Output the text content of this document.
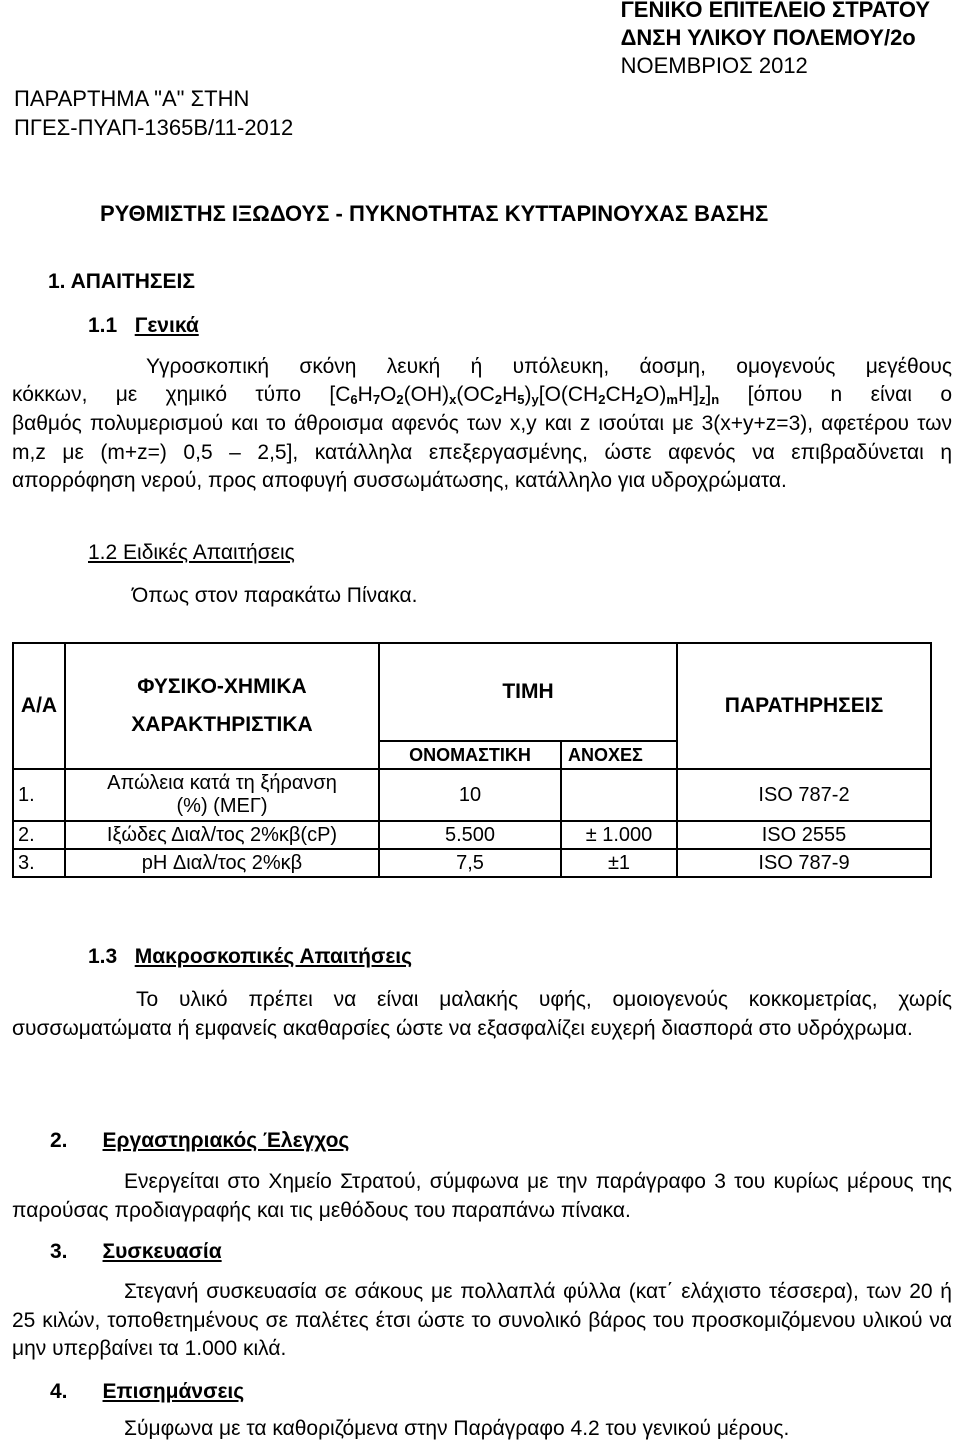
ΓΕΝΙΚΟ ΕΠΙΤΕΛΕΙΟ ΣΤΡΑΤΟΥ
ΔΝΣΗ ΥΛΙΚΟΥ ΠΟΛΕΜΟΥ/2ο
ΝΟΕΜΒΡΙΟΣ 2012
ΠΑΡΑΡΤΗΜΑ "Α" ΣΤΗΝ
ΠΓΕΣ-ΠΥΑΠ-1365Β/11-2012
ΡΥΘΜΙΣΤΗΣ ΙΞΩΔΟΥΣ - ΠΥΚΝΟΤΗΤΑΣ ΚΥΤΤΑΡΙΝΟΥΧΑΣ ΒΑΣΗΣ
1. ΑΠΑΙΤΗΣΕΙΣ
1.1 Γενικά
Υγροσκοπική σκόνη λευκή ή υπόλευκη, άοσμη, ομογενούς μεγέθους
κόκκων, με χημικό τύπο $[C_6H_7O_2(OH)_x(OC_2H_5)_y[O(CH_2CH_2O)_mH]_z]_n$ [όπου n είναι ο
βαθμός πολυμερισμού και το άθροισμα αφενός των x,y και z ισούται με 3(x+y+z=3), αφετέρου των m,z με (m+z=) 0,5 – 2,5], κατάλληλα επεξεργασμένης, ώστε αφενός να επιβραδύνεται η απορρόφηση νερού, προς αποφυγή συσσωμάτωσης, κατάλληλο για υδροχρώματα.
1.2 Ειδικές Απαιτήσεις
Όπως στον παρακάτω Πίνακα.
Α/Α	ΦΥΣΙΚΟ-ΧΗΜΙΚΑ
ΧΑΡΑΚΤΗΡΙΣΤΙΚΑ	ΤΙΜΗ		ΠΑΡΑΤΗΡΗΣΕΙΣ
		ΟΝΟΜΑΣΤΙΚΗ	ΑΝΟΧΕΣ	
1.	Απώλεια κατά τη ξήρανση
(%) (ΜΕΓ)	10		ISO 787-2
2.	Ιξώδες Διαλ/τος 2%κβ(cP)	5.500	± 1.000	ISO 2555
3.	pH Διαλ/τος 2%κβ	7,5	±1	ISO 787-9
1.3 Μακροσκοπικές Απαιτήσεις
Το υλικό πρέπει να είναι μαλακής υφής, ομοιογενούς κοκκομετρίας, χωρίς συσσωματώματα ή εμφανείς ακαθαρσίες ώστε να εξασφαλίζει ευχερή διασπορά στο υδρόχρωμα.
2. Εργαστηριακός Έλεγχος
Ενεργείται στο Χημείο Στρατού, σύμφωνα με την παράγραφο 3 του κυρίως μέρους της παρούσας προδιαγραφής και τις μεθόδους του παραπάνω πίνακα.
3. Συσκευασία
Στεγανή συσκευασία σε σάκους με πολλαπλά φύλλα (κατ΄ ελάχιστο τέσσερα), των 20 ή 25 κιλών, τοποθετημένους σε παλέτες έτσι ώστε το συνολικό βάρος του προσκομιζόμενου υλικού να μην υπερβαίνει τα 1.000 κιλά.
4. Επισημάνσεις
Σύμφωνα με τα καθοριζόμενα στην Παράγραφο 4.2 του γενικού μέρους.
